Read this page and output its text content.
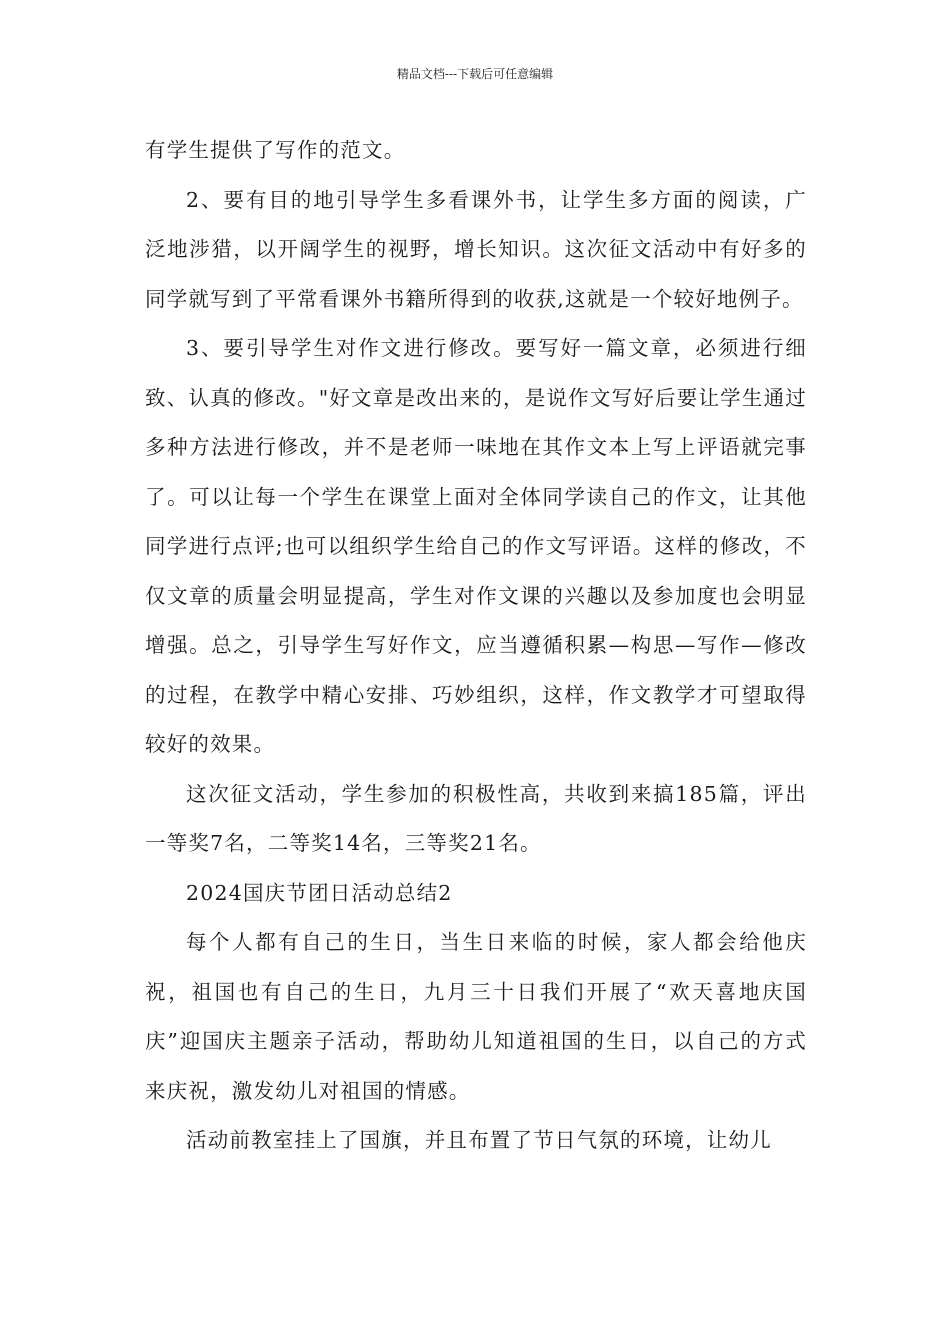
精品文档---下载后可任意编辑

有学生提供了写作的范文。

2、要有目的地引导学生多看课外书，让学生多方面的阅读，广泛地涉猎，以开阔学生的视野，增长知识。这次征文活动中有好多的同学就写到了平常看课外书籍所得到的收获,这就是一个较好地例子。

3、要引导学生对作文进行修改。要写好一篇文章，必须进行细致、认真的修改。"好文章是改出来的，是说作文写好后要让学生通过多种方法进行修改，并不是老师一味地在其作文本上写上评语就完事了。可以让每一个学生在课堂上面对全体同学读自己的作文，让其他同学进行点评;也可以组织学生给自己的作文写评语。这样的修改，不仅文章的质量会明显提高，学生对作文课的兴趣以及参加度也会明显增强。总之，引导学生写好作文，应当遵循积累—构思—写作—修改的过程，在教学中精心安排、巧妙组织，这样，作文教学才可望取得较好的效果。

这次征文活动，学生参加的积极性高，共收到来搞185篇，评出一等奖7名，二等奖14名，三等奖21名。

2024国庆节团日活动总结2

每个人都有自己的生日，当生日来临的时候，家人都会给他庆祝，祖国也有自己的生日，九月三十日我们开展了“欢天喜地庆国庆”迎国庆主题亲子活动，帮助幼儿知道祖国的生日，以自己的方式来庆祝，激发幼儿对祖国的情感。

活动前教室挂上了国旗，并且布置了节日气氛的环境，让幼儿
